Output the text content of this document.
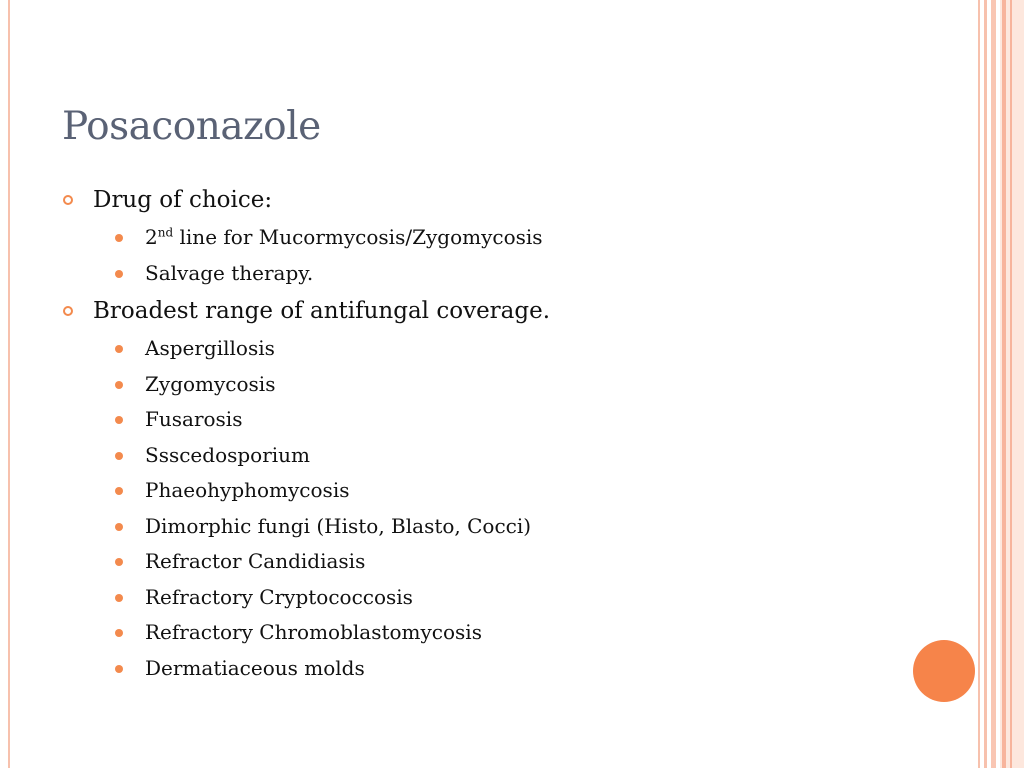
Posaconazole
Drug of choice:
2nd line for Mucormycosis/Zygomycosis
Salvage therapy.
Broadest range of antifungal coverage.
Aspergillosis
Zygomycosis
Fusarosis
Ssscedosporium
Phaeohyphomycosis
Dimorphic fungi (Histo, Blasto, Cocci)
Refractor Candidiasis
Refractory Cryptococcosis
Refractory Chromoblastomycosis
Dermatiaceous molds
